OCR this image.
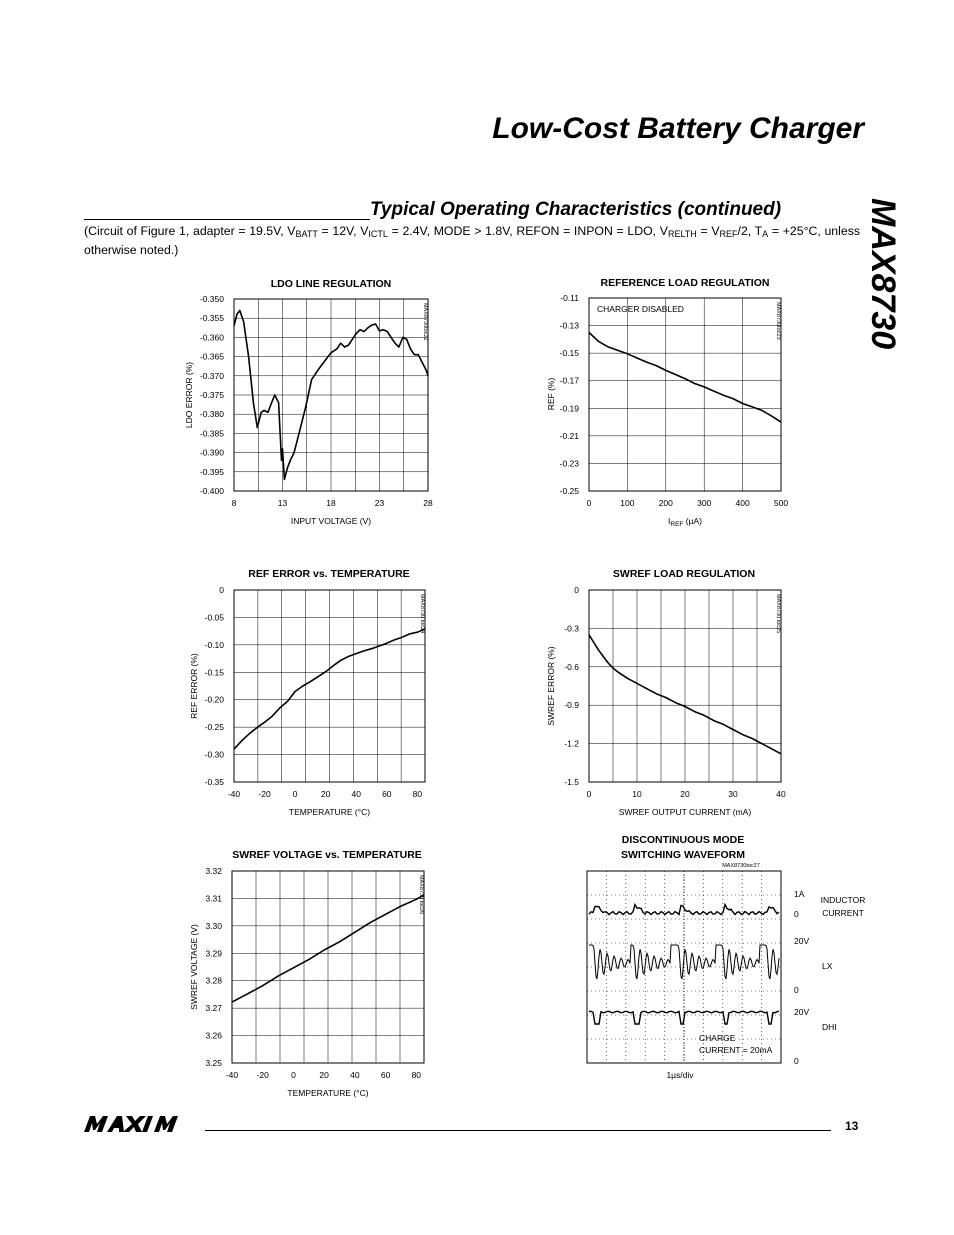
Low-Cost Battery Charger
MAX8730
Typical Operating Characteristics (continued)
(Circuit of Figure 1, adapter = 19.5V, $V_{BATT} = 12V$, $V_{ICTL} = 2.4V$, MODE > 1.8V, REFON = INPON = LDO, $V_{RELTH} = V_{REF}/2$, $T_A = +25^\circ C$, unless otherwise noted.)
LDO LINE REGULATION
-0.350
-0.355
-0.360
-0.365
-0.370
-0.375
-0.380
-0.385
-0.390
-0.395
-0.400
8	13	18	23	28
INPUT VOLTAGE (V)
LDO ERROR (%)
MAX8730toc22
REFERENCE LOAD REGULATION
-0.11
-0.13
-0.15
-0.17
-0.19
-0.21
-0.23
-0.25
0	100	200	300	400	500
$I_{REF}$ (µA)
REF (%)
MAX8730toc23
CHARGER DISABLED
REF ERROR vs. TEMPERATURE
0
-0.05
-0.10
-0.15
-0.20
-0.25
-0.30
-0.35
-40 -20	0	20 40 60 80
TEMPERATURE (°C)
REF ERROR (%)
MAX8730 toc24
SWREF LOAD REGULATION
0
-0.3
-0.6
-0.9
-1.2
-1.5
0	10	20	30	40
SWREF OUTPUT CURRENT (mA)
SWREF ERROR (%)
MAX8730 toc25
SWREF VOLTAGE vs. TEMPERATURE
3.32
3.31
3.30
3.29
3.28
3.27
3.26
3.25
-40 -20	0	20	40	60	80
TEMPERATURE (°C)
SWREF VOLTAGE (V)
MAX8730 toc26
DISCONTINUOUS MODE
SWITCHING WAVEFORM
MAX8730toc27
CHARGE
CURRENT = 20mA
1µs/div
1A
0
20V
0
20V
0
INDUCTOR
CURRENT
LX
DHI
13
